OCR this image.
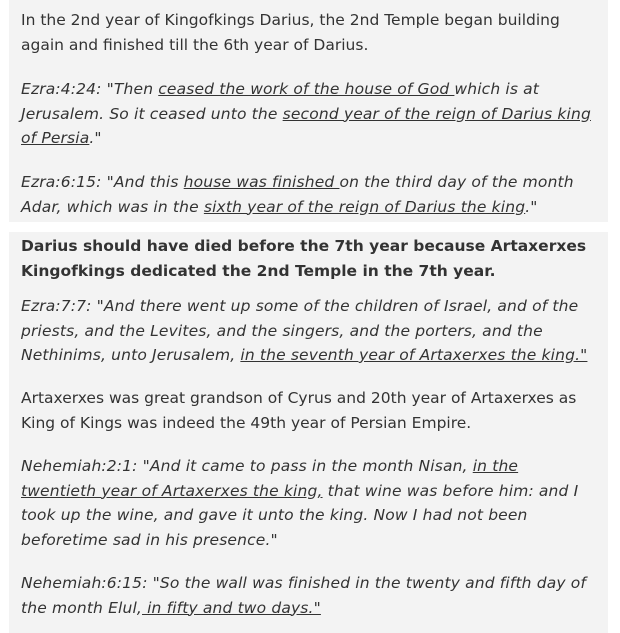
In the 2nd year of Kingofkings Darius, the 2nd Temple began building again and finished till the 6th year of Darius.

Ezra:4:24: "Then ceased the work of the house of God which is at Jerusalem. So it ceased unto the second year of the reign of Darius king of Persia."

Ezra:6:15: "And this house was finished on the third day of the month Adar, which was in the sixth year of the reign of Darius the king."

Darius should have died before the 7th year because Artaxerxes Kingofkings dedicated the 2nd Temple in the 7th year.

Ezra:7:7: "And there went up some of the children of Israel, and of the priests, and the Levites, and the singers, and the porters, and the Nethinims, unto Jerusalem, in the seventh year of Artaxerxes the king."

Artaxerxes was great grandson of Cyrus and 20th year of Artaxerxes as King of Kings was indeed the 49th year of Persian Empire.

Nehemiah:2:1: "And it came to pass in the month Nisan, in the twentieth year of Artaxerxes the king, that wine was before him: and I took up the wine, and gave it unto the king. Now I had not been beforetime sad in his presence."

Nehemiah:6:15: "So the wall was finished in the twenty and fifth day of the month Elul, in fifty and two days."
